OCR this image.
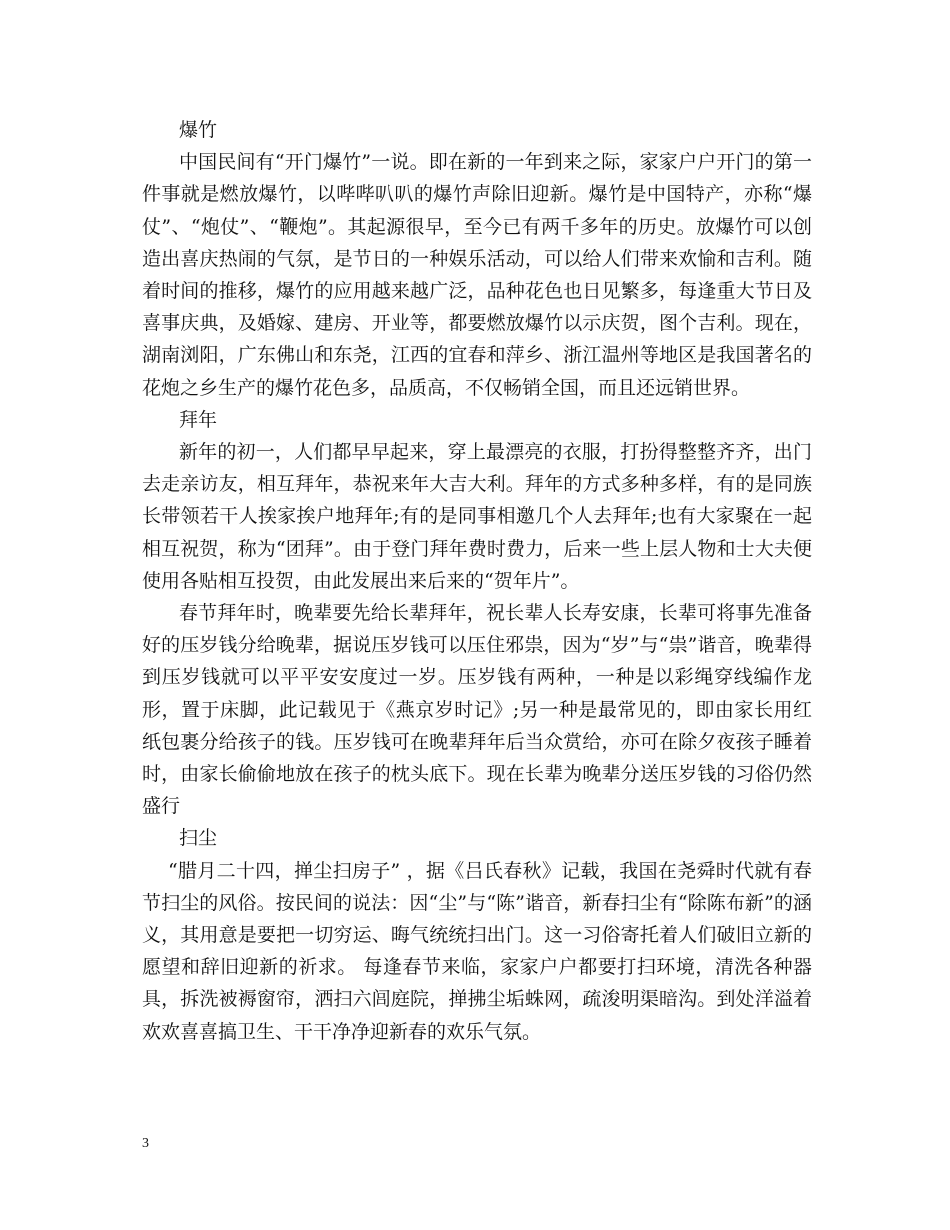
爆竹

中国民间有“开门爆竹”一说。即在新的一年到来之际，家家户户开门的第一件事就是燃放爆竹，以哔哔叭叭的爆竹声除旧迎新。爆竹是中国特产，亦称“爆仗”、“炮仗”、“鞭炮”。其起源很早，至今已有两千多年的历史。放爆竹可以创造出喜庆热闹的气氛，是节日的一种娱乐活动，可以给人们带来欢愉和吉利。随着时间的推移，爆竹的应用越来越广泛，品种花色也日见繁多，每逢重大节日及喜事庆典，及婚嫁、建房、开业等，都要燃放爆竹以示庆贺，图个吉利。现在，湖南浏阳，广东佛山和东尧，江西的宜春和萍乡、浙江温州等地区是我国著名的花炮之乡生产的爆竹花色多，品质高，不仅畅销全国，而且还远销世界。

拜年

新年的初一，人们都早早起来，穿上最漂亮的衣服，打扮得整整齐齐，出门去走亲访友，相互拜年，恭祝来年大吉大利。拜年的方式多种多样，有的是同族长带领若干人挨家挨户地拜年;有的是同事相邀几个人去拜年;也有大家聚在一起相互祝贺，称为“团拜”。由于登门拜年费时费力，后来一些上层人物和士大夫便使用各贴相互投贺，由此发展出来后来的“贺年片”。

春节拜年时，晚辈要先给长辈拜年，祝长辈人长寿安康，长辈可将事先准备好的压岁钱分给晚辈，据说压岁钱可以压住邪祟，因为“岁”与“祟”谐音，晚辈得到压岁钱就可以平平安安度过一岁。压岁钱有两种，一种是以彩绳穿线编作龙形，置于床脚，此记载见于《燕京岁时记》;另一种是最常见的，即由家长用红纸包裹分给孩子的钱。压岁钱可在晚辈拜年后当众赏给，亦可在除夕夜孩子睡着时，由家长偷偷地放在孩子的枕头底下。现在长辈为晚辈分送压岁钱的习俗仍然盛行

扫尘

“腊月二十四，掸尘扫房子” ，据《吕氏春秋》记载，我国在尧舜时代就有春节扫尘的风俗。按民间的说法：因“尘”与“陈”谐音，新春扫尘有“除陈布新”的涵义，其用意是要把一切穷运、晦气统统扫出门。这一习俗寄托着人们破旧立新的愿望和辞旧迎新的祈求。 每逢春节来临，家家户户都要打扫环境，清洗各种器具，拆洗被褥窗帘，洒扫六闾庭院，掸拂尘垢蛛网，疏浚明渠暗沟。到处洋溢着欢欢喜喜搞卫生、干干净净迎新春的欢乐气氛。

3
